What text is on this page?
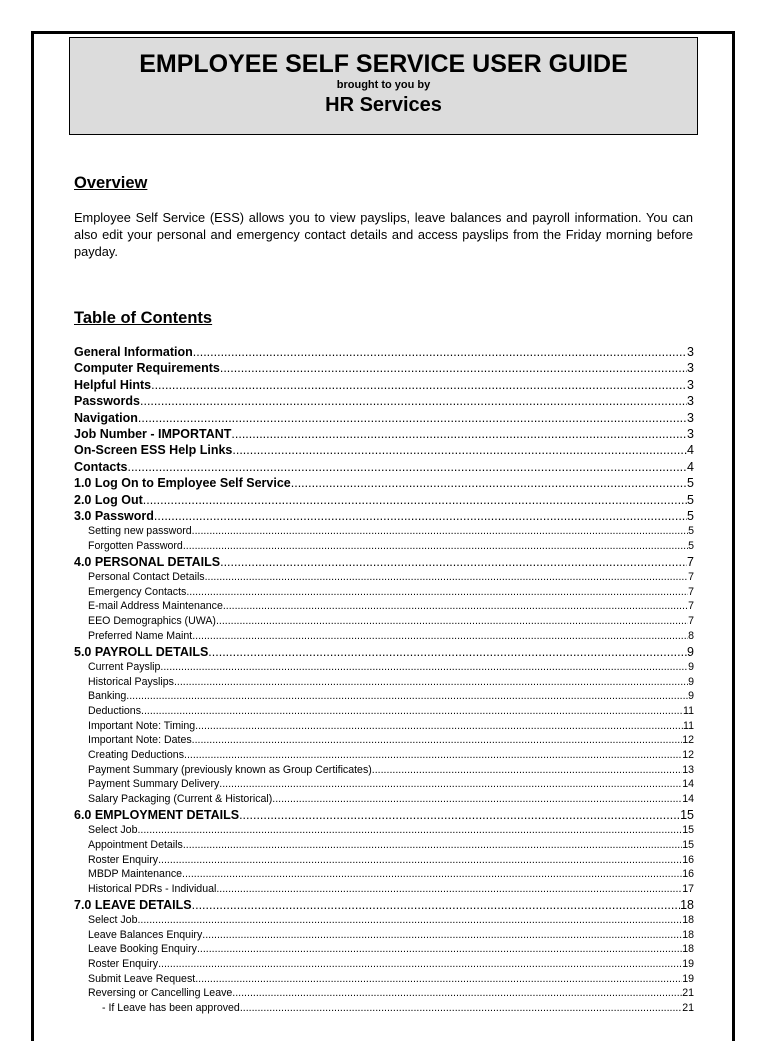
EMPLOYEE SELF SERVICE USER GUIDE
brought to you by
HR Services
Overview
Employee Self Service (ESS) allows you to view payslips, leave balances and payroll information. You can also edit your personal and emergency contact details and access payslips from the Friday morning before payday.
Table of Contents
General Information .....	3
Computer Requirements .....	3
Helpful Hints .....	3
Passwords .....	3
Navigation .....	3
Job Number - IMPORTANT .....	3
On-Screen ESS Help Links .....	4
Contacts .....	4
1.0 Log On to Employee Self Service .....	5
2.0 Log Out .....	5
3.0 Password .....	5
Setting new password .....	5
Forgotten Password .....	5
4.0 PERSONAL DETAILS .....	7
Personal Contact Details .....	7
Emergency Contacts .....	7
E-mail Address Maintenance .....	7
EEO Demographics (UWA) .....	7
Preferred Name Maint. .....	8
5.0 PAYROLL DETAILS .....	9
Current Payslip .....	9
Historical Payslips .....	9
Banking .....	9
Deductions .....	11
Important Note: Timing .....	11
Important Note: Dates .....	12
Creating Deductions .....	12
Payment Summary (previously known as Group Certificates) .....	13
Payment Summary Delivery .....	14
Salary Packaging (Current & Historical) .....	14
6.0 EMPLOYMENT DETAILS .....	15
Select Job .....	15
Appointment Details .....	15
Roster Enquiry .....	16
MBDP Maintenance .....	16
Historical PDRs - Individual .....	17
7.0 LEAVE DETAILS .....	18
Select Job .....	18
Leave Balances Enquiry .....	18
Leave Booking Enquiry .....	18
Roster Enquiry .....	19
Submit Leave Request .....	19
Reversing or Cancelling Leave .....	21
- If Leave has been approved .....	21
